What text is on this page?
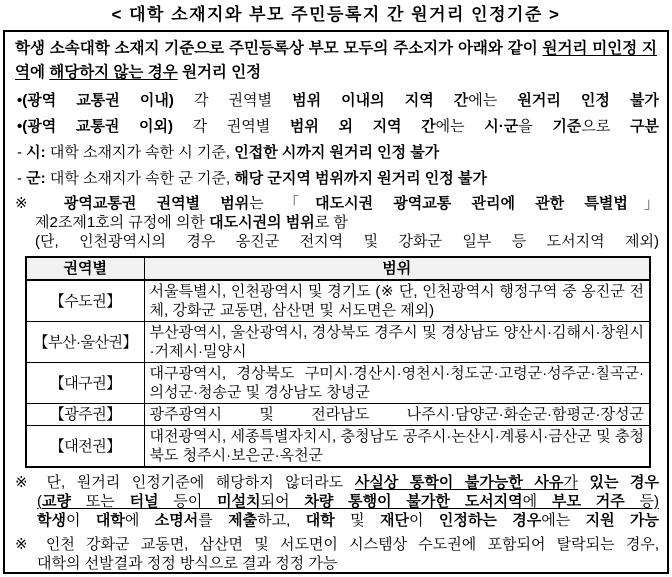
< 대학 소재지와 부모 주민등록지 간 원거리 인정기준 >
학생 소속대학 소재지 기준으로 주민등록상 부모 모두의 주소지가 아래와 같이 원거리 미인정 지역에 해당하지 않는 경우 원거리 인정
•(광역 교통권 이내) 각 권역별 범위 이내의 지역 간에는 원거리 인정 불가
•(광역 교통권 이외) 각 권역별 범위 외 지역 간에는 시·군을 기준으로 구분
- 시: 대학 소재지가 속한 시 기준, 인접한 시까지 원거리 인정 불가
- 군: 대학 소재지가 속한 군 기준, 해당 군지역 범위까지 원거리 인정 불가
※ 광역교통권 권역별 범위는 「대도시권 광역교통 관리에 관한 특별법」
제2조제1호의 규정에 의한 대도시권의 범위로 함
(단, 인천광역시의 경우 옹진군 전지역 및 강화군 일부 등 도서지역 제외)
권역별	범위
【수도권】	서울특별시, 인천광역시 및 경기도 (※ 단, 인천광역시 행정구역 중 옹진군 전체, 강화군 교동면, 삼산면 및 서도면은 제외)
【부산·울산권】	부산광역시, 울산광역시, 경상북도 경주시 및 경상남도 양산시·김해시·창원시·거제시·밀양시
【대구권】	대구광역시, 경상북도 구미시·경산시·영천시·청도군·고령군·성주군·칠곡군·의성군·청송군 및 경상남도 창녕군
【광주권】	광주광역시 및 전라남도 나주시·담양군·화순군·함평군·장성군
【대전권】	대전광역시, 세종특별자치시, 충청남도 공주시·논산시·계룡시·금산군 및 충청북도 청주시·보은군·옥천군
※ 단, 원거리 인정기준에 해당하지 않더라도 사실상 통학이 불가능한 사유가 있는 경우
(교량 또는 터널 등이 미설치되어 차량 통행이 불가한 도서지역에 부모 거주 등)
학생이 대학에 소명서를 제출하고, 대학 및 재단이 인정하는 경우에는 지원 가능
※ 인천 강화군 교동면, 삼산면 및 서도면이 시스템상 수도권에 포함되어 탈락되는 경우,
대학의 선발결과 정정 방식으로 결과 정정 가능
